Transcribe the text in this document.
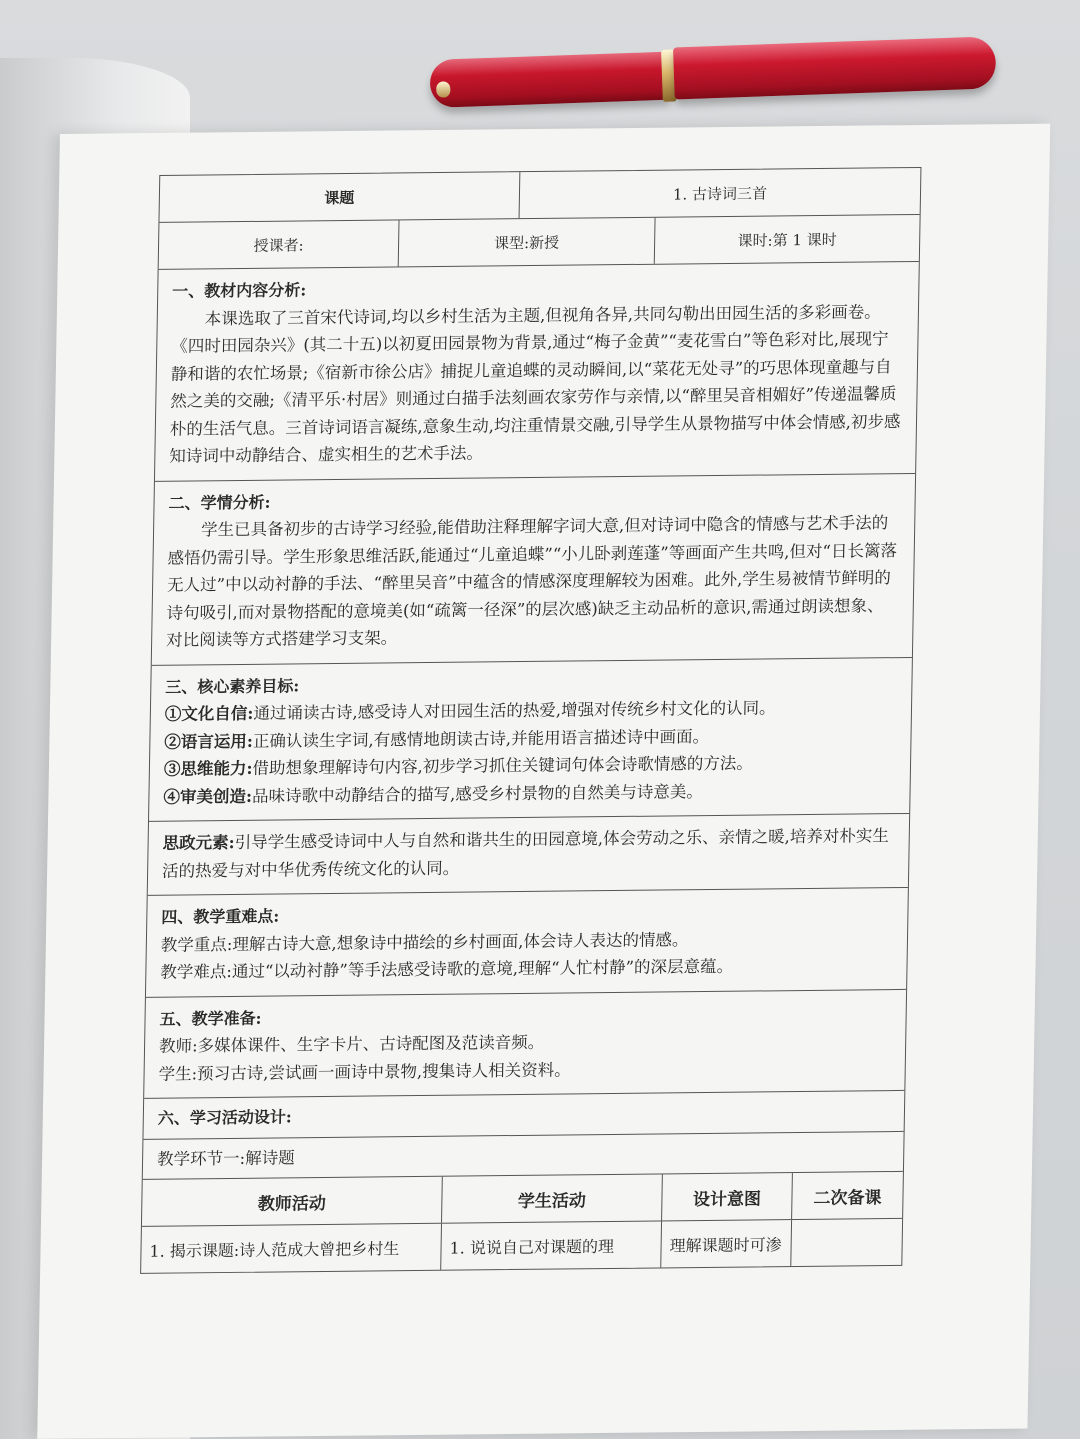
课题	1. 古诗词三首
授课者:	课型:新授	课时:第 1 课时
一、教材内容分析:
本课选取了三首宋代诗词,均以乡村生活为主题,但视角各异,共同勾勒出田园生活的多彩画卷。《四时田园杂兴》(其二十五)以初夏田园景物为背景,通过“梅子金黄”“麦花雪白”等色彩对比,展现宁静和谐的农忙场景;《宿新市徐公店》捕捉儿童追蝶的灵动瞬间,以“菜花无处寻”的巧思体现童趣与自然之美的交融;《清平乐·村居》则通过白描手法刻画农家劳作与亲情,以“醉里吴音相媚好”传递温馨质朴的生活气息。三首诗词语言凝练,意象生动,均注重情景交融,引导学生从景物描写中体会情感,初步感知诗词中动静结合、虚实相生的艺术手法。
二、学情分析:
学生已具备初步的古诗学习经验,能借助注释理解字词大意,但对诗词中隐含的情感与艺术手法的感悟仍需引导。学生形象思维活跃,能通过“儿童追蝶”“小儿卧剥莲蓬”等画面产生共鸣,但对“日长篱落无人过”中以动衬静的手法、“醉里吴音”中蕴含的情感深度理解较为困难。此外,学生易被情节鲜明的诗句吸引,而对景物搭配的意境美(如“疏篱一径深”的层次感)缺乏主动品析的意识,需通过朗读想象、对比阅读等方式搭建学习支架。
三、核心素养目标:
①文化自信:通过诵读古诗,感受诗人对田园生活的热爱,增强对传统乡村文化的认同。
②语言运用:正确认读生字词,有感情地朗读古诗,并能用语言描述诗中画面。
③思维能力:借助想象理解诗句内容,初步学习抓住关键词句体会诗歌情感的方法。
④审美创造:品味诗歌中动静结合的描写,感受乡村景物的自然美与诗意美。
思政元素:引导学生感受诗词中人与自然和谐共生的田园意境,体会劳动之乐、亲情之暖,培养对朴实生活的热爱与对中华优秀传统文化的认同。
四、教学重难点:
教学重点:理解古诗大意,想象诗中描绘的乡村画面,体会诗人表达的情感。
教学难点:通过“以动衬静”等手法感受诗歌的意境,理解“人忙村静”的深层意蕴。
五、教学准备:
教师:多媒体课件、生字卡片、古诗配图及范读音频。
学生:预习古诗,尝试画一画诗中景物,搜集诗人相关资料。
六、学习活动设计:
教学环节一:解诗题
教师活动	学生活动	设计意图	二次备课
1. 揭示课题:诗人范成大曾把乡村生	1. 说说自己对课题的理	理解课题时可渗
